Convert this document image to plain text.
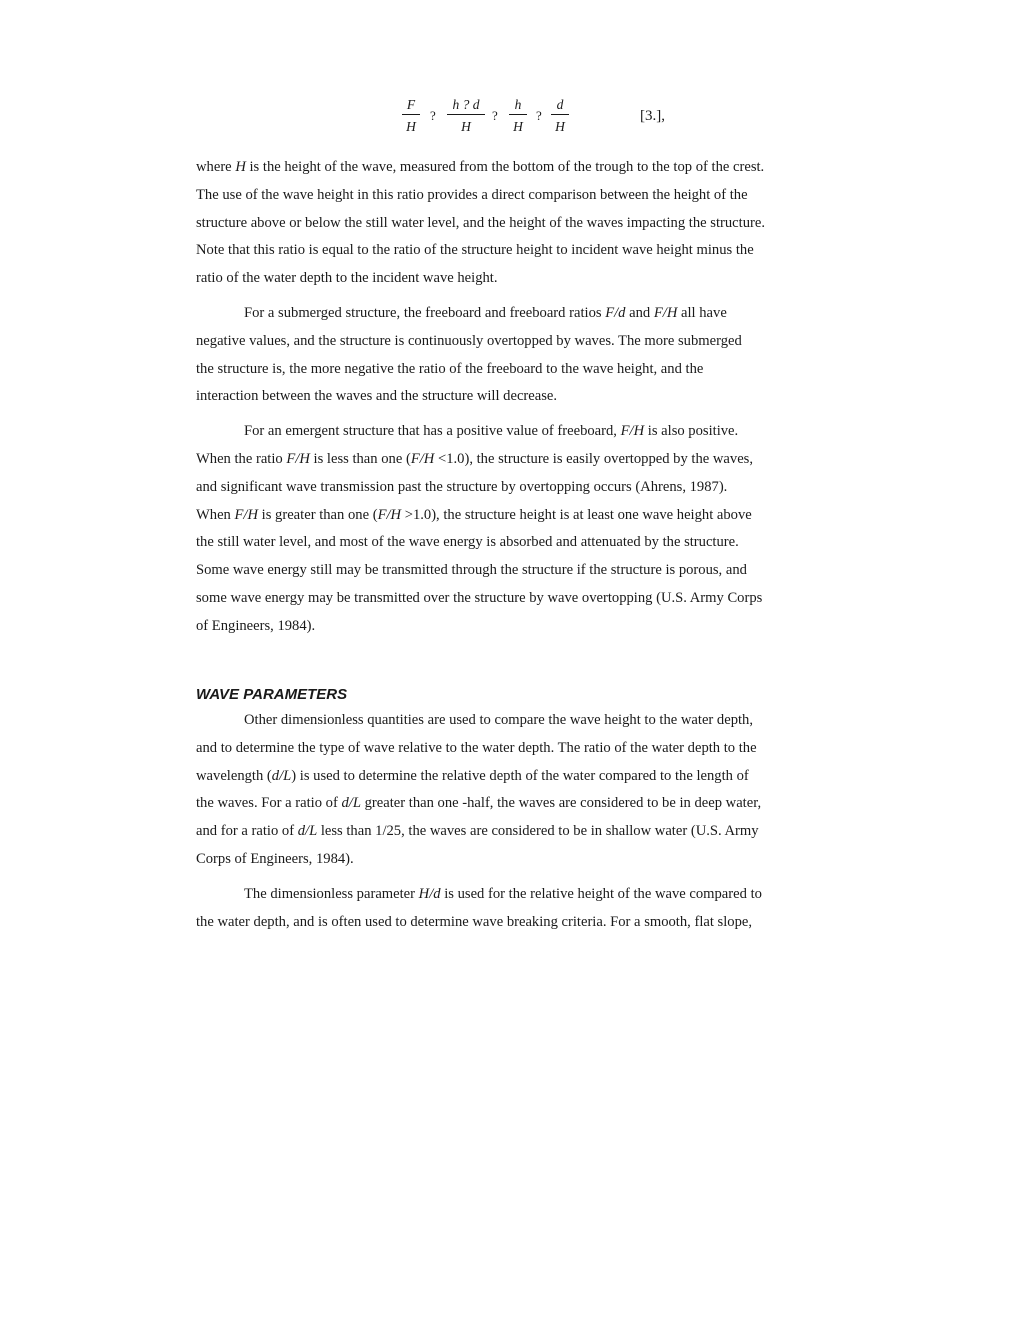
F
H
?
h ? d
H
?
h
H
?
d
H
[3.],

where H is the height of the wave, measured from the bottom of the trough to the top of the crest.
The use of the wave height in this ratio provides a direct comparison between the height of the
structure above or below the still water level, and the height of the waves impacting the structure.
Note that this ratio is equal to the ratio of the structure height to incident wave height minus the
ratio of the water depth to the incident wave height.

For a submerged structure, the freeboard and freeboard ratios F/d and F/H all have
negative values, and the structure is continuously overtopped by waves. The more submerged
the structure is, the more negative the ratio of the freeboard to the wave height, and the
interaction between the waves and the structure will decrease.

For an emergent structure that has a positive value of freeboard, F/H is also positive.
When the ratio F/H is less than one (F/H <1.0), the structure is easily overtopped by the waves,
and significant wave transmission past the structure by overtopping occurs (Ahrens, 1987).
When F/H is greater than one (F/H >1.0), the structure height is at least one wave height above
the still water level, and most of the wave energy is absorbed and attenuated by the structure.
Some wave energy still may be transmitted through the structure if the structure is porous, and
some wave energy may be transmitted over the structure by wave overtopping (U.S. Army Corps
of Engineers, 1984).

WAVE PARAMETERS

Other dimensionless quantities are used to compare the wave height to the water depth,
and to determine the type of wave relative to the water depth. The ratio of the water depth to the
wavelength (d/L) is used to determine the relative depth of the water compared to the length of
the waves. For a ratio of d/L greater than one -half, the waves are considered to be in deep water,
and for a ratio of d/L less than 1/25, the waves are considered to be in shallow water (U.S. Army
Corps of Engineers, 1984).

The dimensionless parameter H/d is used for the relative height of the wave compared to
the water depth, and is often used to determine wave breaking criteria. For a smooth, flat slope,
